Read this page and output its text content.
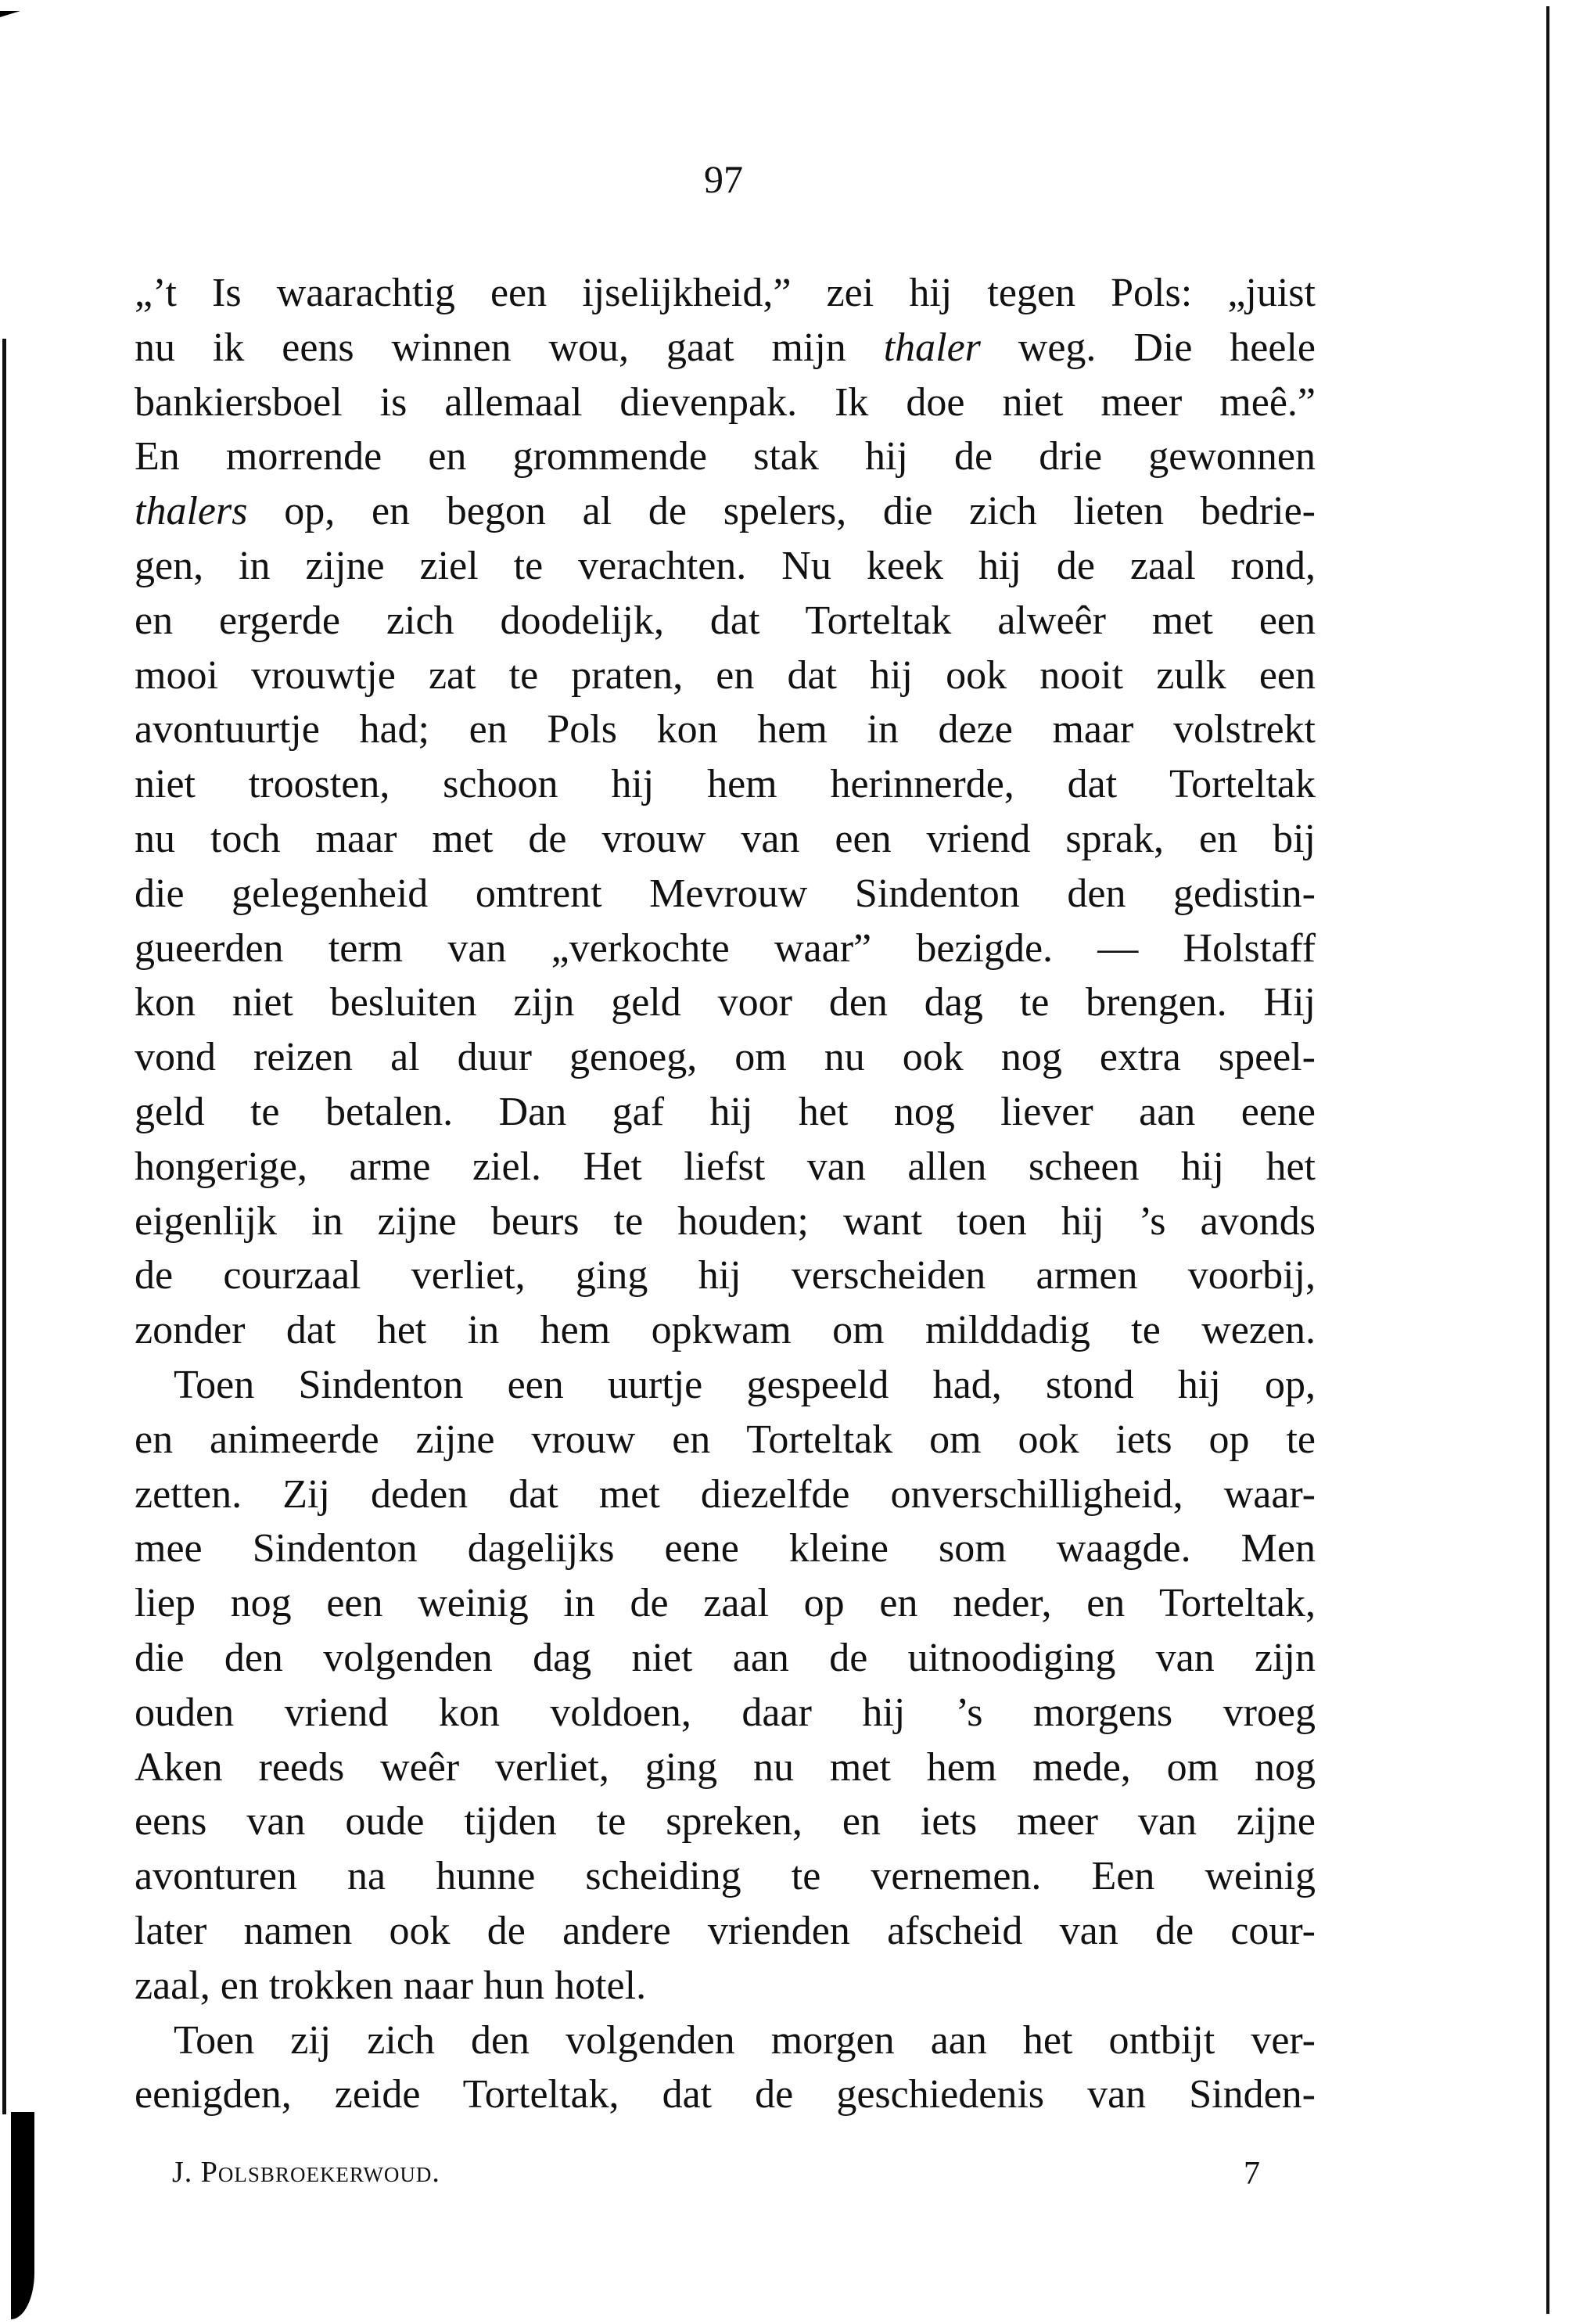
97
„’t Is waarachtig een ijselijkheid,” zei hij tegen Pols: „juist
nu ik eens winnen wou, gaat mijn thaler weg. Die heele
bankiersboel is allemaal dievenpak. Ik doe niet meer meê.”
En morrende en grommende stak hij de drie gewonnen
thalers op, en begon al de spelers, die zich lieten bedrie-
gen, in zijne ziel te verachten. Nu keek hij de zaal rond,
en ergerde zich doodelijk, dat Torteltak alweêr met een
mooi vrouwtje zat te praten, en dat hij ook nooit zulk een
avontuurtje had; en Pols kon hem in deze maar volstrekt
niet troosten, schoon hij hem herinnerde, dat Torteltak
nu toch maar met de vrouw van een vriend sprak, en bij
die gelegenheid omtrent Mevrouw Sindenton den gedistin-
gueerden term van „verkochte waar” bezigde. — Holstaff
kon niet besluiten zijn geld voor den dag te brengen. Hij
vond reizen al duur genoeg, om nu ook nog extra speel-
geld te betalen. Dan gaf hij het nog liever aan eene
hongerige, arme ziel. Het liefst van allen scheen hij het
eigenlijk in zijne beurs te houden; want toen hij ’s avonds
de courzaal verliet, ging hij verscheiden armen voorbij,
zonder dat het in hem opkwam om milddadig te wezen.
Toen Sindenton een uurtje gespeeld had, stond hij op,
en animeerde zijne vrouw en Torteltak om ook iets op te
zetten. Zij deden dat met diezelfde onverschilligheid, waar-
mee Sindenton dagelijks eene kleine som waagde. Men
liep nog een weinig in de zaal op en neder, en Torteltak,
die den volgenden dag niet aan de uitnoodiging van zijn
ouden vriend kon voldoen, daar hij ’s morgens vroeg
Aken reeds weêr verliet, ging nu met hem mede, om nog
eens van oude tijden te spreken, en iets meer van zijne
avonturen na hunne scheiding te vernemen. Een weinig
later namen ook de andere vrienden afscheid van de cour-
zaal, en trokken naar hun hotel.
Toen zij zich den volgenden morgen aan het ontbijt ver-
eenigden, zeide Torteltak, dat de geschiedenis van Sinden-
J. Polsbroekerwoud.	7
